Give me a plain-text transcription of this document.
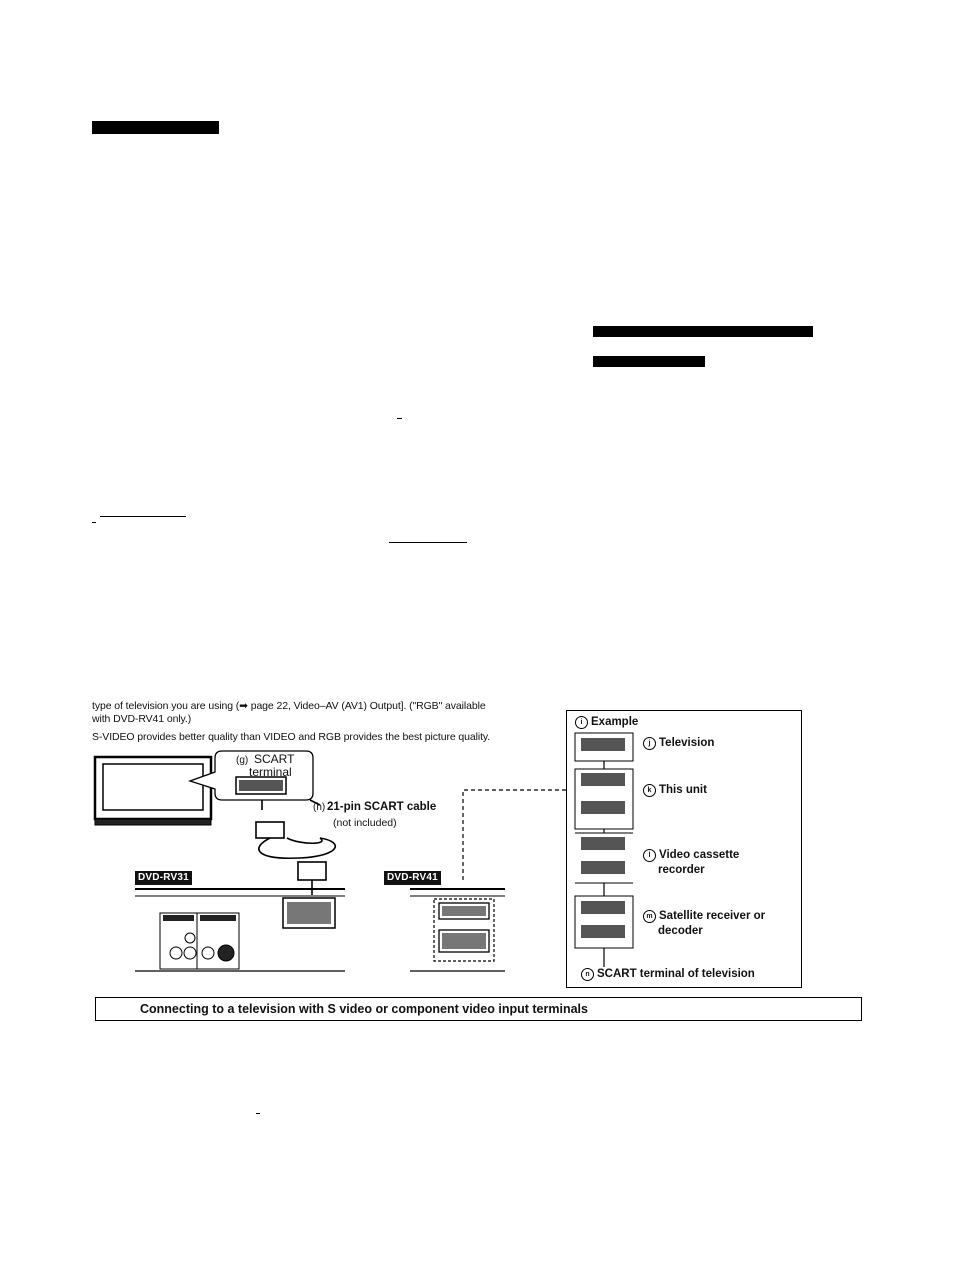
type of television you are using (➡ page 22, Video–AV (AV1) Output]. ("RGB" available
with DVD-RV41 only.)
S-VIDEO provides better quality than VIDEO and RGB provides the best picture quality.
(g) SCART
terminal
(h) 21-pin SCART cable
(not included)
DVD-RV31	DVD-RV41
i Example
j Television
k This unit
l Video cassette
recorder
m Satellite receiver or
decoder
n SCART terminal of television
Connecting to a television with S video or component video input terminals
